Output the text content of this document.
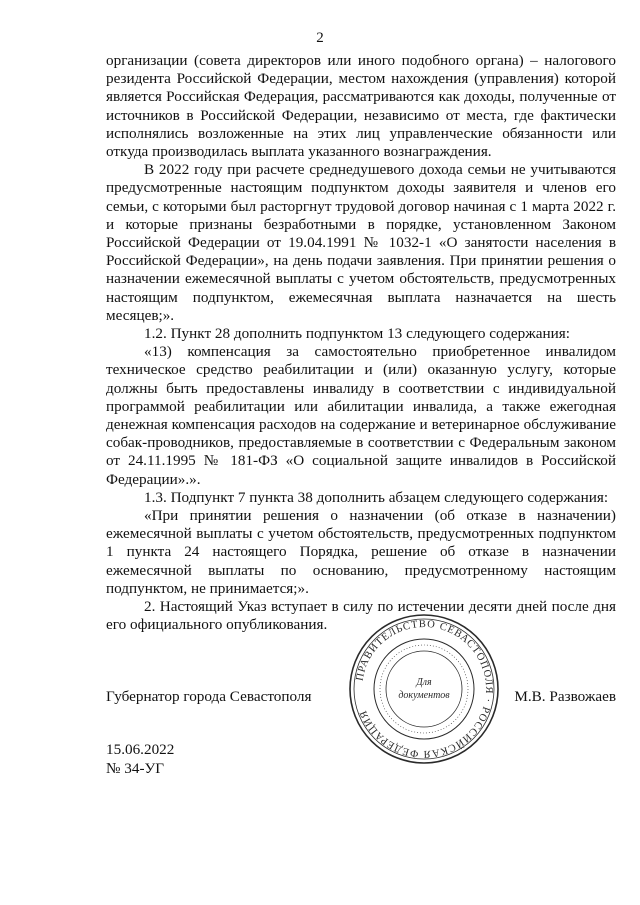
2

организации (совета директоров или иного подобного органа) – налогового резидента Российской Федерации, местом нахождения (управления) которой является Российская Федерация, рассматриваются как доходы, полученные от источников в Российской Федерации, независимо от места, где фактически исполнялись возложенные на этих лиц управленческие обязанности или откуда производилась выплата указанного вознаграждения.

В 2022 году при расчете среднедушевого дохода семьи не учитываются предусмотренные настоящим подпунктом доходы заявителя и членов его семьи, с которыми был расторгнут трудовой договор начиная с 1 марта 2022 г. и которые признаны безработными в порядке, установленном Законом Российской Федерации от 19.04.1991 № 1032-1 «О занятости населения в Российской Федерации», на день подачи заявления. При принятии решения о назначении ежемесячной выплаты с учетом обстоятельств, предусмотренных настоящим подпунктом, ежемесячная выплата назначается на шесть месяцев;».

1.2. Пункт 28 дополнить подпунктом 13 следующего содержания:

«13) компенсация за самостоятельно приобретенное инвалидом техническое средство реабилитации и (или) оказанную услугу, которые должны быть предоставлены инвалиду в соответствии с индивидуальной программой реабилитации или абилитации инвалида, а также ежегодная денежная компенсация расходов на содержание и ветеринарное обслуживание собак-проводников, предоставляемые в соответствии с Федеральным законом от 24.11.1995 № 181-ФЗ «О социальной защите инвалидов в Российской Федерации».».

1.3. Подпункт 7 пункта 38 дополнить абзацем следующего содержания:

«При принятии решения о назначении (об отказе в назначении) ежемесячной выплаты с учетом обстоятельств, предусмотренных подпунктом 1 пункта 24 настоящего Порядка, решение об отказе в назначении ежемесячной выплаты по основанию, предусмотренному настоящим подпунктом, не принимается;».

2. Настоящий Указ вступает в силу по истечении десяти дней после дня его официального опубликования.

ПРАВИТЕЛЬСТВО СЕВАСТОПОЛЯ · РОССИЙСКАЯ ФЕДЕРАЦИЯ
Для
документов
Губернатор города Севастополя	М.В. Развожаев
15.06.2022
№ 34-УГ
